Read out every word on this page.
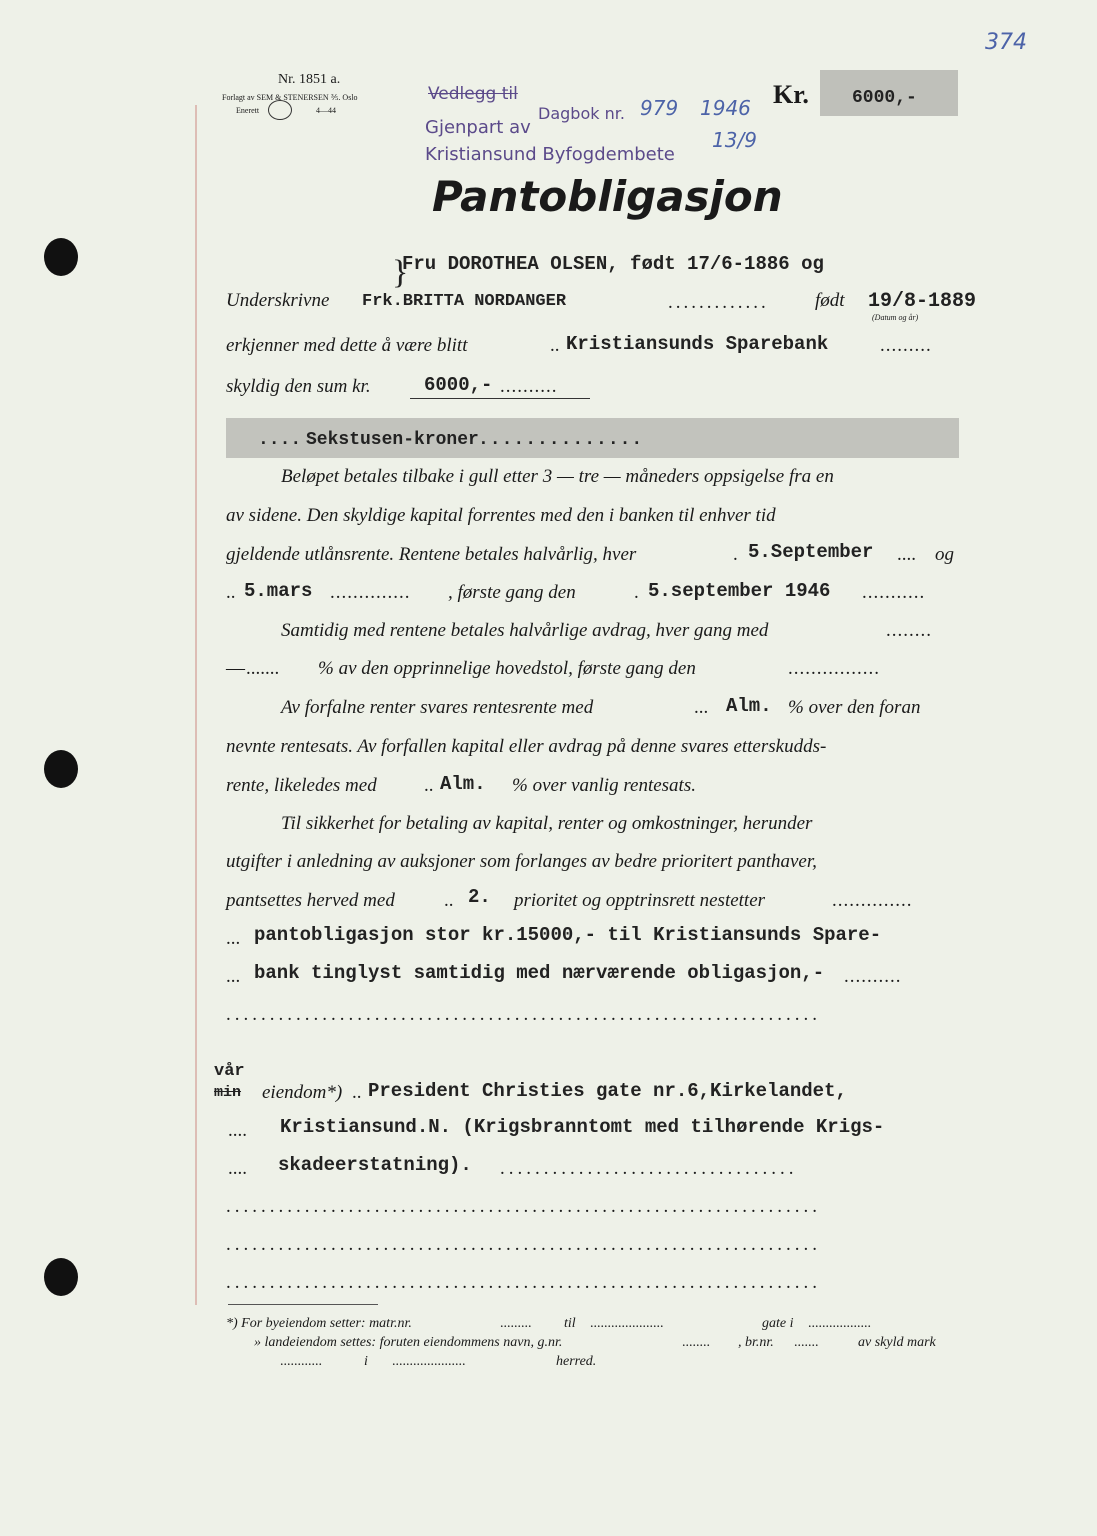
374
Nr. 1851 a.
Forlagt av SEM & STENERSEN ⅗. Oslo
Enerett	4—44
Vedlegg til
Gjenpart av
Kristiansund Byfogdembete
Dagbok nr. 979 1946
13/9
Kr. 6000,-
Pantobligasjon
}
Fru DOROTHEA OLSEN, født 17/6-1886 og
Underskrivne Frk.BRITTA NORDANGER	............. født 19/8-1889
(Datum og år)
erkjenner med dette å være blitt	.. Kristiansunds Sparebank	.........
skyldig den sum kr.	6000,- ..........
.... Sekstusen-kroner ..............
Beløpet betales tilbake i gull etter 3 — tre — måneders oppsigelse fra en
av sidene. Den skyldige kapital forrentes med den i banken til enhver tid
gjeldende utlånsrente. Rentene betales halvårlig, hver	. 5.September .... og
.. 5.mars .............. , første gang den	. 5.september 1946 ...........
Samtidig med rentene betales halvårlige avdrag, hver gang med	........
— ....... % av den opprinnelige hovedstol, første gang den	................
Av forfalne renter svares rentesrente med	... Alm. % over den foran
nevnte rentesats. Av forfallen kapital eller avdrag på denne svares etterskudds-
rente, likeledes med .. Alm. % over vanlig rentesats.
Til sikkerhet for betaling av kapital, renter og omkostninger, herunder
utgifter i anledning av auksjoner som forlanges av bedre prioritert panthaver,
pantsettes herved med	.. 2. prioritet og opptrinsrett nestetter	..............
... pantobligasjon stor kr.15000,- til Kristiansunds Spare-
... bank tinglyst samtidig med nærværende obligasjon,- ..........
....................................................................
vår
min eiendom*) .. President Christies gate nr.6,Kirkelandet,
.... Kristiansund.N. (Krigsbranntomt med tilhørende Krigs-
.... skadeerstatning). ..................................
....................................................................
....................................................................
....................................................................
*) For byeiendom setter: matr.nr.	......... til .....................	gate i ..................
» landeiendom settes: foruten eiendommens navn, g.nr.	........ , br.nr. .......	av skyld mark
............	i .....................	herred.
